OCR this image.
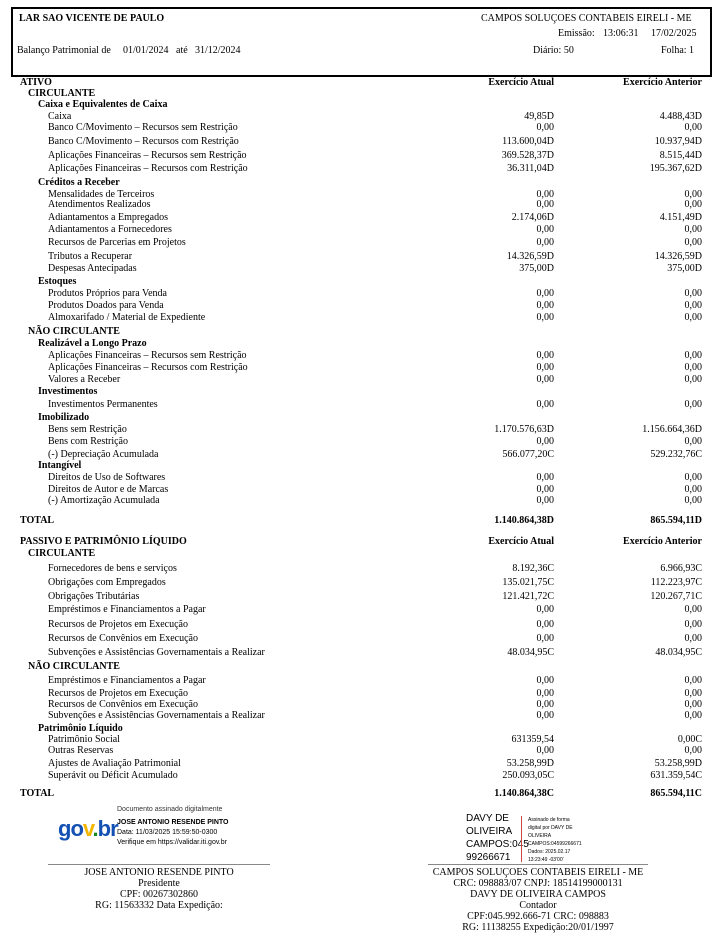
LAR SAO VICENTE DE PAULO	CAMPOS SOLUÇOES CONTABEIS EIRELI - ME
Emissão: 13:06:31 17/02/2025
Balanço Patrimonial de 01/01/2024 até 31/12/2024	Diário: 50	Folha: 1
ATIVO	Exercício Atual	Exercício Anterior
CIRCULANTE
Caixa e Equivalentes de Caixa
Caixa	49,85D	4.488,43D
Banco C/Movimento – Recursos sem Restrição	0,00	0,00
Banco C/Movimento – Recursos com Restrição	113.600,04D	10.937,94D
Aplicações Financeiras – Recursos sem Restrição	369.528,37D	8.515,44D
Aplicações Financeiras – Recursos com Restrição	36.311,04D	195.367,62D
Créditos a Receber
Mensalidades de Terceiros	0,00	0,00
Atendimentos Realizados	0,00	0,00
Adiantamentos a Empregados	2.174,06D	4.151,49D
Adiantamentos a Fornecedores	0,00	0,00
Recursos de Parcerias em Projetos	0,00	0,00
Tributos a Recuperar	14.326,59D	14.326,59D
Despesas Antecipadas	375,00D	375,00D
Estoques
Produtos Próprios para Venda	0,00	0,00
Produtos Doados para Venda	0,00	0,00
Almoxarifado / Material de Expediente	0,00	0,00
NÃO CIRCULANTE
Realizável a Longo Prazo
Aplicações Financeiras – Recursos sem Restrição	0,00	0,00
Aplicações Financeiras – Recursos com Restrição	0,00	0,00
Valores a Receber	0,00	0,00
Investimentos
Investimentos Permanentes	0,00	0,00
Imobilizado
Bens sem Restrição	1.170.576,63D	1.156.664,36D
Bens com Restrição	0,00	0,00
(-) Depreciação Acumulada	566.077,20C	529.232,76C
Intangível
Direitos de Uso de Softwares	0,00	0,00
Direitos de Autor e de Marcas	0,00	0,00
(-) Amortização Acumulada	0,00	0,00
TOTAL	1.140.864,38D	865.594,11D
PASSIVO E PATRIMÔNIO LÍQUIDO	Exercício Atual	Exercício Anterior
CIRCULANTE
Fornecedores de bens e serviços	8.192,36C	6.966,93C
Obrigações com Empregados	135.021,75C	112.223,97C
Obrigações Tributárias	121.421,72C	120.267,71C
Empréstimos e Financiamentos a Pagar	0,00	0,00
Recursos de Projetos em Execução	0,00	0,00
Recursos de Convênios em Execução	0,00	0,00
Subvenções e Assistências Governamentais a Realizar	48.034,95C	48.034,95C
NÃO CIRCULANTE
Empréstimos e Financiamentos a Pagar	0,00	0,00
Recursos de Projetos em Execução	0,00	0,00
Recursos de Convênios em Execução	0,00	0,00
Subvenções e Assistências Governamentais a Realizar	0,00	0,00
Patrimônio Líquido
Patrimônio Social	631359,54	0,00C
Outras Reservas	0,00	0,00
Ajustes de Avaliação Patrimonial	53.258,99D	53.258,99D
Superávit ou Déficit Acumulado	250.093,05C	631.359,54C
TOTAL	1.140.864,38C	865.594,11C
Documento assinado digitalmente
gov.br JOSE ANTONIO RESENDE PINTO
Data: 11/03/2025 15:59:50-0300
Verifique em https://validar.iti.gov.br
DAVY DE
OLIVEIRA
CAMPOS:045
99266671
Assinado de forma
digital por DAVY DE
OLIVEIRA
CAMPOS:04599266671
Dados: 2025.02.17
13:23:49 -03'00'
JOSE ANTONIO RESENDE PINTO
Presidente
CPF: 00267302860
RG: 11563332 Data Expedição:
CAMPOS SOLUÇOES CONTABEIS EIRELI - ME
CRC: 098883/07 CNPJ: 18514199000131
DAVY DE OLIVEIRA CAMPOS
Contador
CPF:045.992.666-71 CRC: 098883
RG: 11138255 Expedição:20/01/1997
